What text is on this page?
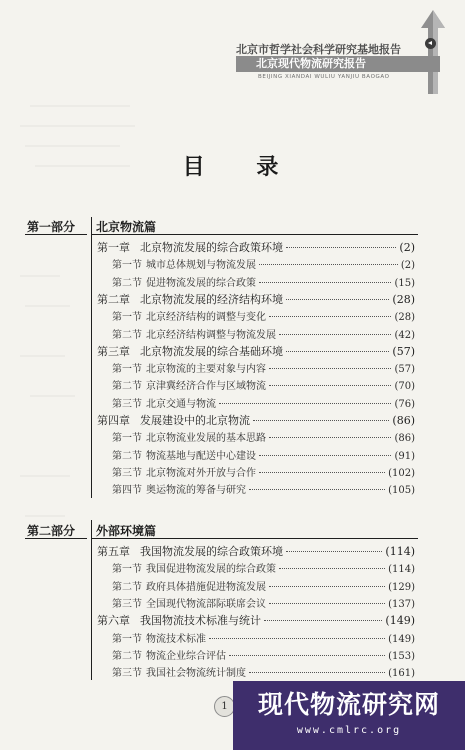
北京市哲学社会科学研究基地报告
北京现代物流研究报告
BEIJING XIANDAI WULIU YANJIU BAOGAO
目 录
第一部分 北京物流篇
第一章 北京物流发展的综合政策环境	(2)
第一节 城市总体规划与物流发展	(2)
第二节 促进物流发展的综合政策	(15)
第二章 北京物流发展的经济结构环境	(28)
第一节 北京经济结构的调整与变化	(28)
第二节 北京经济结构调整与物流发展	(42)
第三章 北京物流发展的综合基础环境	(57)
第一节 北京物流的主要对象与内容	(57)
第二节 京津冀经济合作与区域物流	(70)
第三节 北京交通与物流	(76)
第四章 发展建设中的北京物流	(86)
第一节 北京物流业发展的基本思路	(86)
第二节 物流基地与配送中心建设	(91)
第三节 北京物流对外开放与合作	(102)
第四节 奥运物流的筹备与研究	(105)
第二部分 外部环境篇
第五章 我国物流发展的综合政策环境	(114)
第一节 我国促进物流发展的综合政策	(114)
第二节 政府具体措施促进物流发展	(129)
第三节 全国现代物流部际联席会议	(137)
第六章 我国物流技术标准与统计	(149)
第一节 物流技术标准	(149)
第二节 物流企业综合评估	(153)
第三节 我国社会物流统计制度	(161)
1	现代物流研究网
www.cmlrc.org
